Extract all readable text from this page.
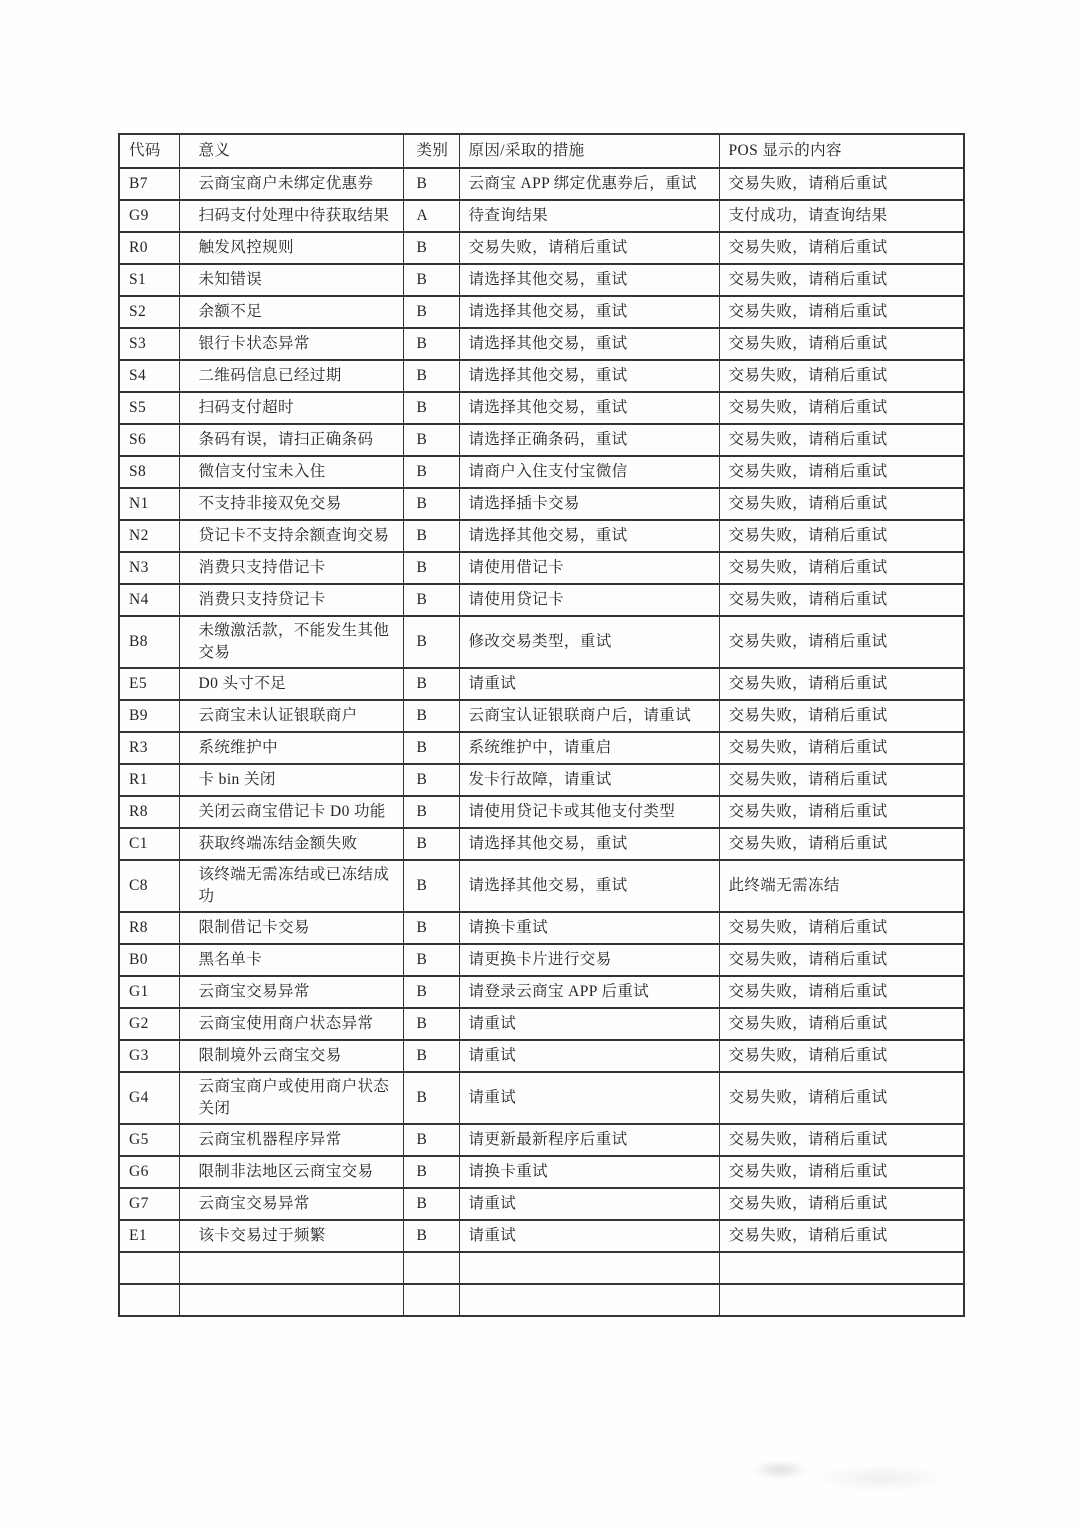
代码	意义	类别	原因/采取的措施	POS 显示的内容
B7	云商宝商户未绑定优惠券	B	云商宝 APP 绑定优惠券后，重试	交易失败，请稍后重试
G9	扫码支付处理中待获取结果	A	待查询结果	支付成功，请查询结果
R0	触发风控规则	B	交易失败，请稍后重试	交易失败，请稍后重试
S1	未知错误	B	请选择其他交易，重试	交易失败，请稍后重试
S2	余额不足	B	请选择其他交易，重试	交易失败，请稍后重试
S3	银行卡状态异常	B	请选择其他交易，重试	交易失败，请稍后重试
S4	二维码信息已经过期	B	请选择其他交易，重试	交易失败，请稍后重试
S5	扫码支付超时	B	请选择其他交易，重试	交易失败，请稍后重试
S6	条码有误，请扫正确条码	B	请选择正确条码，重试	交易失败，请稍后重试
S8	微信支付宝未入住	B	请商户入住支付宝微信	交易失败，请稍后重试
N1	不支持非接双免交易	B	请选择插卡交易	交易失败，请稍后重试
N2	贷记卡不支持余额查询交易	B	请选择其他交易，重试	交易失败，请稍后重试
N3	消费只支持借记卡	B	请使用借记卡	交易失败，请稍后重试
N4	消费只支持贷记卡	B	请使用贷记卡	交易失败，请稍后重试
B8	未缴激活款，不能发生其他交易	B	修改交易类型，重试	交易失败，请稍后重试
E5	D0 头寸不足	B	请重试	交易失败，请稍后重试
B9	云商宝未认证银联商户	B	云商宝认证银联商户后，请重试	交易失败，请稍后重试
R3	系统维护中	B	系统维护中，请重启	交易失败，请稍后重试
R1	卡 bin 关闭	B	发卡行故障，请重试	交易失败，请稍后重试
R8	关闭云商宝借记卡 D0 功能	B	请使用贷记卡或其他支付类型	交易失败，请稍后重试
C1	获取终端冻结金额失败	B	请选择其他交易，重试	交易失败，请稍后重试
C8	该终端无需冻结或已冻结成功	B	请选择其他交易，重试	此终端无需冻结
R8	限制借记卡交易	B	请换卡重试	交易失败，请稍后重试
B0	黑名单卡	B	请更换卡片进行交易	交易失败，请稍后重试
G1	云商宝交易异常	B	请登录云商宝 APP 后重试	交易失败，请稍后重试
G2	云商宝使用商户状态异常	B	请重试	交易失败，请稍后重试
G3	限制境外云商宝交易	B	请重试	交易失败，请稍后重试
G4	云商宝商户或使用商户状态关闭	B	请重试	交易失败，请稍后重试
G5	云商宝机器程序异常	B	请更新最新程序后重试	交易失败，请稍后重试
G6	限制非法地区云商宝交易	B	请换卡重试	交易失败，请稍后重试
G7	云商宝交易异常	B	请重试	交易失败，请稍后重试
E1	该卡交易过于频繁	B	请重试	交易失败，请稍后重试
